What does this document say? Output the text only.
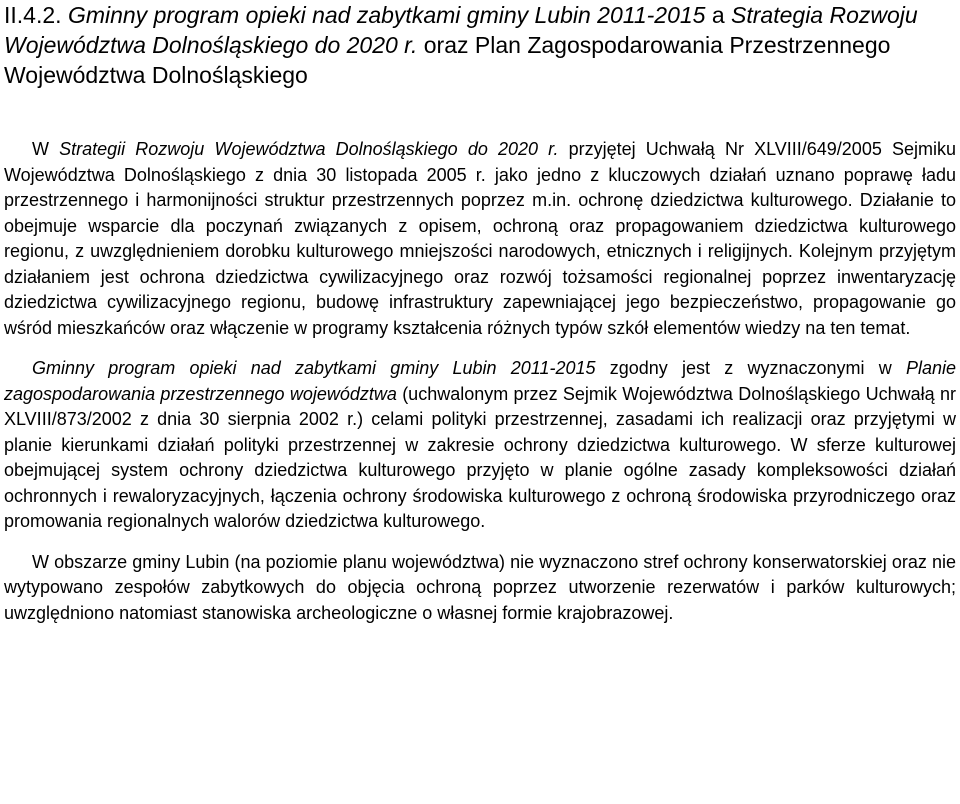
II.4.2. Gminny program opieki nad zabytkami gminy Lubin 2011-2015 a Strategia Rozwoju Województwa Dolnośląskiego do 2020 r. oraz Plan Zagospodarowania Przestrzennego Województwa Dolnośląskiego

W Strategii Rozwoju Województwa Dolnośląskiego do 2020 r. przyjętej Uchwałą Nr XLVIII/649/2005 Sejmiku Województwa Dolnośląskiego z dnia 30 listopada 2005 r. jako jedno z kluczowych działań uznano poprawę ładu przestrzennego i harmonijności struktur przestrzennych poprzez m.in. ochronę dziedzictwa kulturowego. Działanie to obejmuje wsparcie dla poczynań związanych z opisem, ochroną oraz propagowaniem dziedzictwa kulturowego regionu, z uwzględnieniem dorobku kulturowego mniejszości narodowych, etnicznych i religijnych. Kolejnym przyjętym działaniem jest ochrona dziedzictwa cywilizacyjnego oraz rozwój tożsamości regionalnej poprzez inwentaryzację dziedzictwa cywilizacyjnego regionu, budowę infrastruktury zapewniającej jego bezpieczeństwo, propagowanie go wśród mieszkańców oraz włączenie w programy kształcenia różnych typów szkół elementów wiedzy na ten temat.

Gminny program opieki nad zabytkami gminy Lubin 2011-2015 zgodny jest z wyznaczonymi w Planie zagospodarowania przestrzennego województwa (uchwalonym przez Sejmik Województwa Dolnośląskiego Uchwałą nr XLVIII/873/2002 z dnia 30 sierpnia 2002 r.) celami polityki przestrzennej, zasadami ich realizacji oraz przyjętymi w planie kierunkami działań polityki przestrzennej w zakresie ochrony dziedzictwa kulturowego. W sferze kulturowej obejmującej system ochrony dziedzictwa kulturowego przyjęto w planie ogólne zasady kompleksowości działań ochronnych i rewaloryzacyjnych, łączenia ochrony środowiska kulturowego z ochroną środowiska przyrodniczego oraz promowania regionalnych walorów dziedzictwa kulturowego.

W obszarze gminy Lubin (na poziomie planu województwa) nie wyznaczono stref ochrony konserwatorskiej oraz nie wytypowano zespołów zabytkowych do objęcia ochroną poprzez utworzenie rezerwatów i parków kulturowych; uwzględniono natomiast stanowiska archeologiczne o własnej formie krajobrazowej.
